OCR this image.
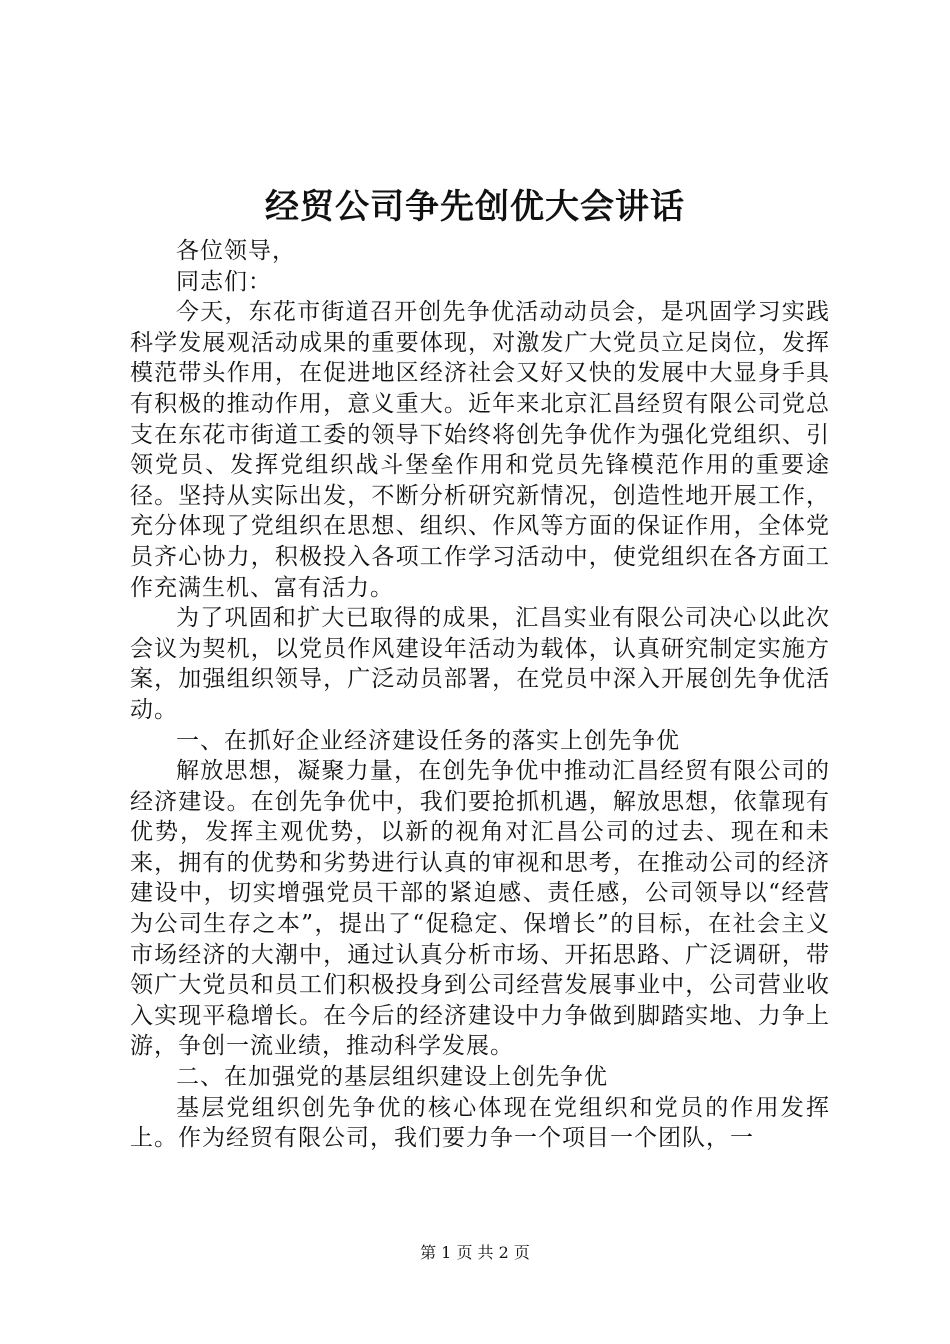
经贸公司争先创优大会讲话

各位领导，

同志们：

今天，东花市街道召开创先争优活动动员会，是巩固学习实践科学发展观活动成果的重要体现，对激发广大党员立足岗位，发挥模范带头作用，在促进地区经济社会又好又快的发展中大显身手具有积极的推动作用，意义重大。近年来北京汇昌经贸有限公司党总支在东花市街道工委的领导下始终将创先争优作为强化党组织、引领党员、发挥党组织战斗堡垒作用和党员先锋模范作用的重要途径。坚持从实际出发，不断分析研究新情况，创造性地开展工作，充分体现了党组织在思想、组织、作风等方面的保证作用，全体党员齐心协力，积极投入各项工作学习活动中，使党组织在各方面工作充满生机、富有活力。

为了巩固和扩大已取得的成果，汇昌实业有限公司决心以此次会议为契机，以党员作风建设年活动为载体，认真研究制定实施方案，加强组织领导，广泛动员部署，在党员中深入开展创先争优活动。

一、在抓好企业经济建设任务的落实上创先争优

解放思想，凝聚力量，在创先争优中推动汇昌经贸有限公司的经济建设。在创先争优中，我们要抢抓机遇，解放思想，依靠现有优势，发挥主观优势，以新的视角对汇昌公司的过去、现在和未来，拥有的优势和劣势进行认真的审视和思考，在推动公司的经济建设中，切实增强党员干部的紧迫感、责任感，公司领导以“经营为公司生存之本”，提出了“促稳定、保增长”的目标，在社会主义市场经济的大潮中，通过认真分析市场、开拓思路、广泛调研，带领广大党员和员工们积极投身到公司经营发展事业中，公司营业收入实现平稳增长。在今后的经济建设中力争做到脚踏实地、力争上游，争创一流业绩，推动科学发展。

二、在加强党的基层组织建设上创先争优

基层党组织创先争优的核心体现在党组织和党员的作用发挥上。作为经贸有限公司，我们要力争一个项目一个团队，一

第 1 页 共 2 页
